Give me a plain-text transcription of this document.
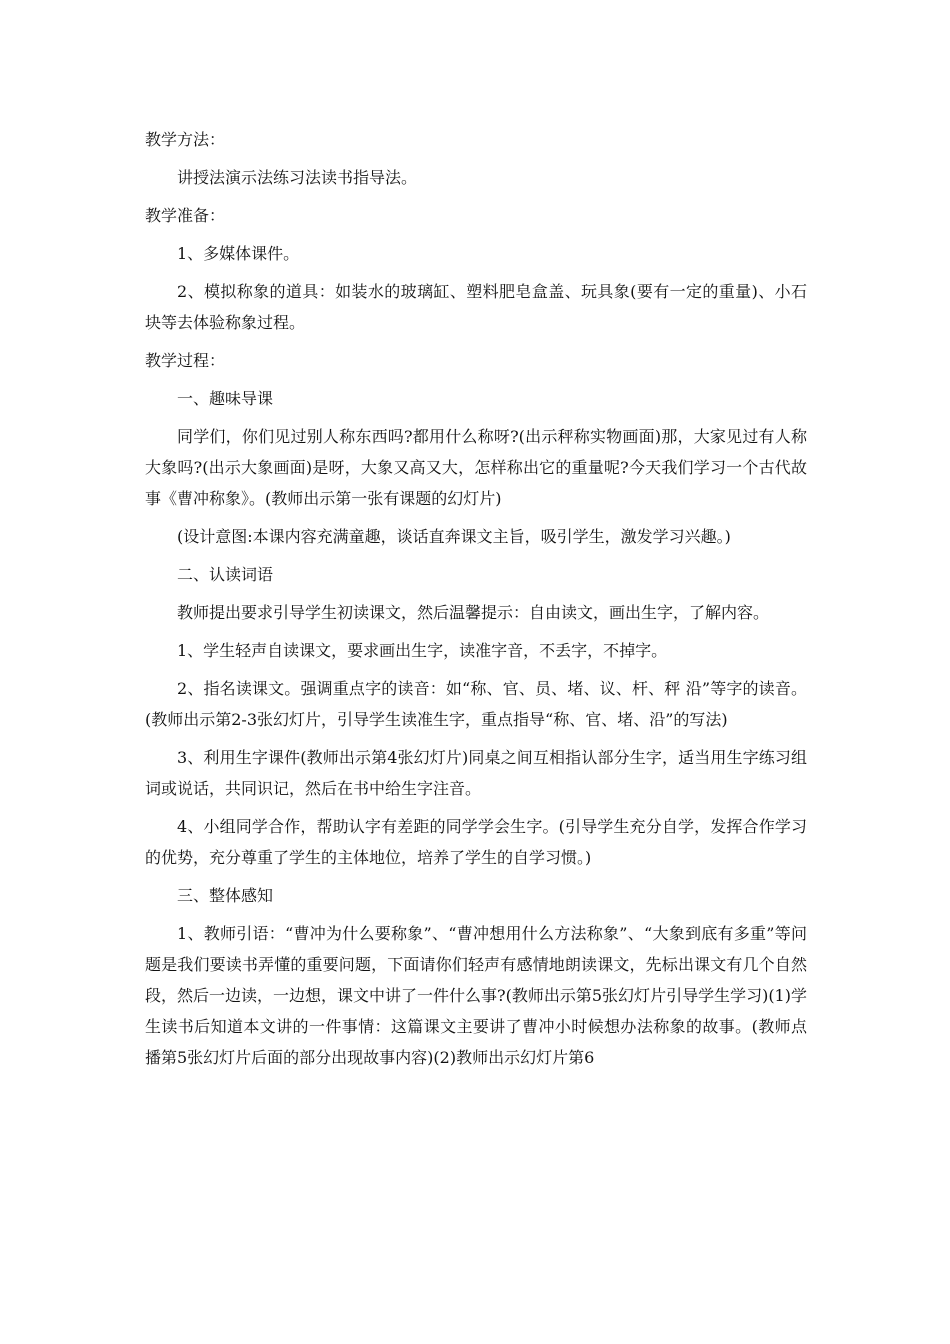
教学方法：

讲授法演示法练习法读书指导法。

教学准备：

1、多媒体课件。

2、模拟称象的道具：如装水的玻璃缸、塑料肥皂盒盖、玩具象(要有一定的重量)、小石块等去体验称象过程。

教学过程：

一、趣味导课

同学们，你们见过别人称东西吗?都用什么称呀?(出示秤称实物画面)那，大家见过有人称大象吗?(出示大象画面)是呀，大象又高又大，怎样称出它的重量呢?今天我们学习一个古代故事《曹冲称象》。(教师出示第一张有课题的幻灯片)

(设计意图:本课内容充满童趣，谈话直奔课文主旨，吸引学生，激发学习兴趣。)

二、认读词语

教师提出要求引导学生初读课文，然后温馨提示：自由读文，画出生字，了解内容。

1、学生轻声自读课文，要求画出生字，读准字音，不丢字，不掉字。

2、指名读课文。强调重点字的读音：如“称、官、员、堵、议、杆、秤 沿”等字的读音。(教师出示第2-3张幻灯片，引导学生读准生字，重点指导“称、官、堵、沿”的写法)

3、利用生字课件(教师出示第4张幻灯片)同桌之间互相指认部分生字，适当用生字练习组词或说话，共同识记，然后在书中给生字注音。

4、小组同学合作，帮助认字有差距的同学学会生字。(引导学生充分自学，发挥合作学习的优势，充分尊重了学生的主体地位，培养了学生的自学习惯。)

三、整体感知

1、教师引语：“曹冲为什么要称象”、“曹冲想用什么方法称象”、“大象到底有多重”等问题是我们要读书弄懂的重要问题，下面请你们轻声有感情地朗读课文，先标出课文有几个自然段，然后一边读，一边想，课文中讲了一件什么事?(教师出示第5张幻灯片引导学生学习)(1)学生读书后知道本文讲的一件事情：这篇课文主要讲了曹冲小时候想办法称象的故事。(教师点播第5张幻灯片后面的部分出现故事内容)(2)教师出示幻灯片第6
